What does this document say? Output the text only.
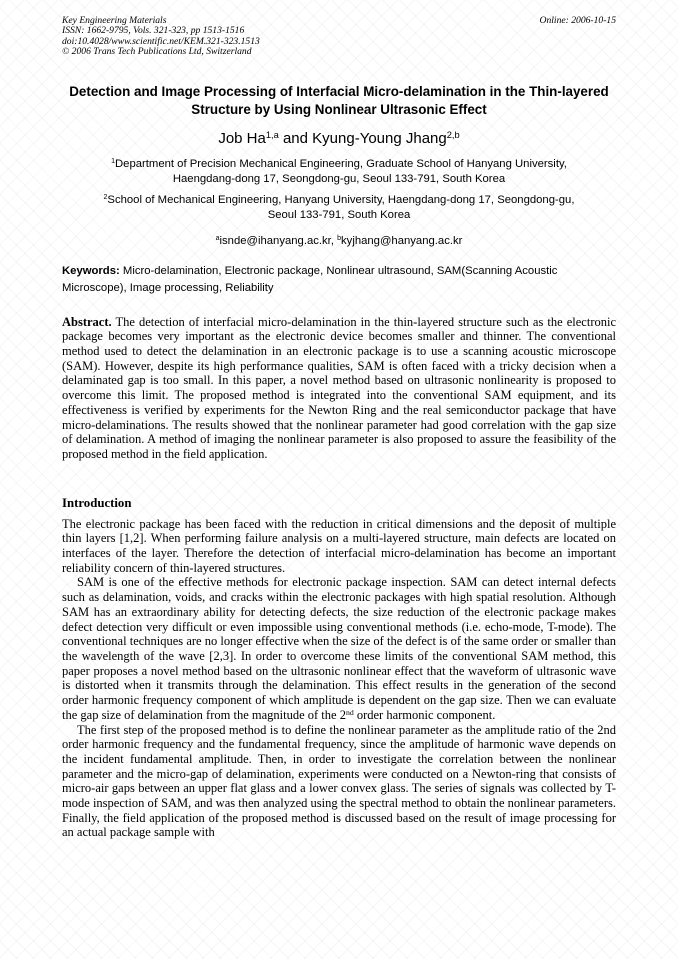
Key Engineering Materials
ISSN: 1662-9795, Vols. 321-323, pp 1513-1516
doi:10.4028/www.scientific.net/KEM.321-323.1513
© 2006 Trans Tech Publications Ltd, Switzerland
Online: 2006-10-15
Detection and Image Processing of Interfacial Micro-delamination in the Thin-layered Structure by Using Nonlinear Ultrasonic Effect
Job Ha$^{1,a}$ and Kyung-Young Jhang$^{2,b}$
$^1$Department of Precision Mechanical Engineering, Graduate School of Hanyang University, Haengdang-dong 17, Seongdong-gu, Seoul 133-791, South Korea
$^2$School of Mechanical Engineering, Hanyang University, Haengdang-dong 17, Seongdong-gu, Seoul 133-791, South Korea
$^a$isnde@ihanyang.ac.kr, $^b$kyjhang@hanyang.ac.kr
Keywords: Micro-delamination, Electronic package, Nonlinear ultrasound, SAM(Scanning Acoustic Microscope), Image processing, Reliability
Abstract. The detection of interfacial micro-delamination in the thin-layered structure such as the electronic package becomes very important as the electronic device becomes smaller and thinner. The conventional method used to detect the delamination in an electronic package is to use a scanning acoustic microscope (SAM). However, despite its high performance qualities, SAM is often faced with a tricky decision when a delaminated gap is too small. In this paper, a novel method based on ultrasonic nonlinearity is proposed to overcome this limit. The proposed method is integrated into the conventional SAM equipment, and its effectiveness is verified by experiments for the Newton Ring and the real semiconductor package that have micro-delaminations. The results showed that the nonlinear parameter had good correlation with the gap size of delamination. A method of imaging the nonlinear parameter is also proposed to assure the feasibility of the proposed method in the field application.
Introduction

The electronic package has been faced with the reduction in critical dimensions and the deposit of multiple thin layers [1,2]. When performing failure analysis on a multi-layered structure, main defects are located on interfaces of the layer. Therefore the detection of interfacial micro-delamination has become an important reliability concern of thin-layered structures.

SAM is one of the effective methods for electronic package inspection. SAM can detect internal defects such as delamination, voids, and cracks within the electronic packages with high spatial resolution. Although SAM has an extraordinary ability for detecting defects, the size reduction of the electronic package makes defect detection very difficult or even impossible using conventional methods (i.e. echo-mode, T-mode). The conventional techniques are no longer effective when the size of the defect is of the same order or smaller than the wavelength of the wave [2,3]. In order to overcome these limits of the conventional SAM method, this paper proposes a novel method based on the ultrasonic nonlinear effect that the waveform of ultrasonic wave is distorted when it transmits through the delamination. This effect results in the generation of the second order harmonic frequency component of which amplitude is dependent on the gap size. Then we can evaluate the gap size of delamination from the magnitude of the 2nd order harmonic component.

The first step of the proposed method is to define the nonlinear parameter as the amplitude ratio of the 2nd order harmonic frequency and the fundamental frequency, since the amplitude of harmonic wave depends on the incident fundamental amplitude. Then, in order to investigate the correlation between the nonlinear parameter and the micro-gap of delamination, experiments were conducted on a Newton-ring that consists of micro-air gaps between an upper flat glass and a lower convex glass. The series of signals was collected by T-mode inspection of SAM, and was then analyzed using the spectral method to obtain the nonlinear parameters. Finally, the field application of the proposed method is discussed based on the result of image processing for an actual package sample with
